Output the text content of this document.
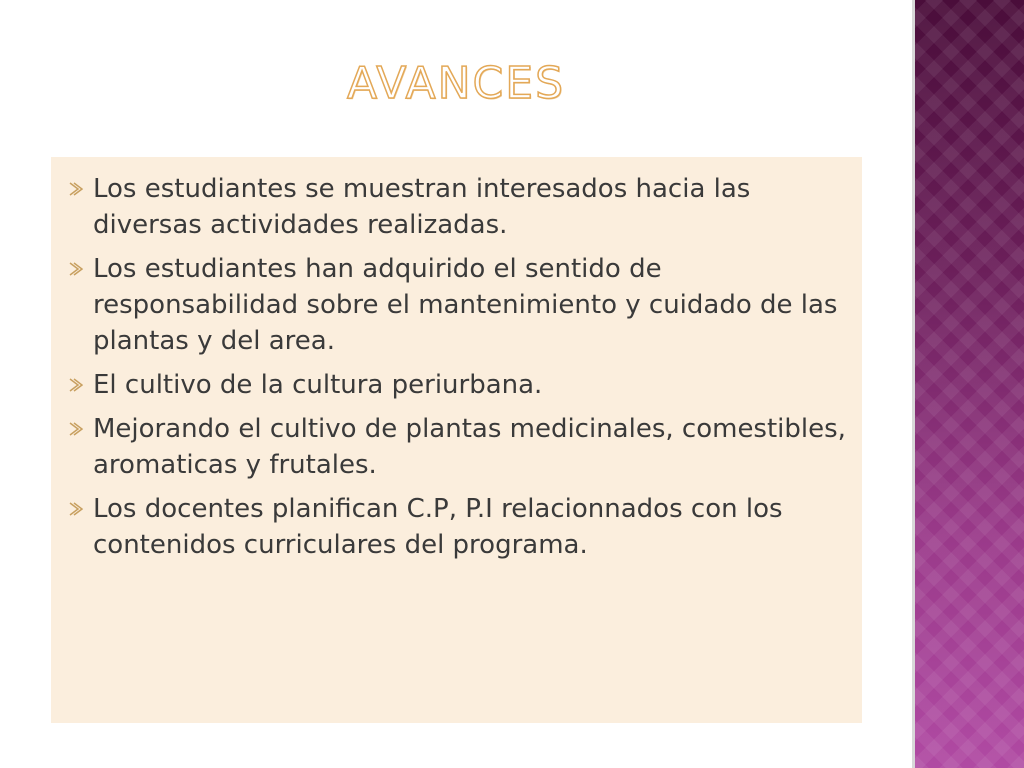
AVANCES
Los estudiantes se muestran interesados hacia las diversas actividades realizadas.
Los estudiantes han adquirido el sentido de responsabilidad sobre el mantenimiento y cuidado de las plantas y del area.
El cultivo de la cultura periurbana.
Mejorando el cultivo de plantas medicinales, comestibles, aromaticas y frutales.
Los docentes planifican C.P, P.I relacionnados con los contenidos curriculares del programa.
